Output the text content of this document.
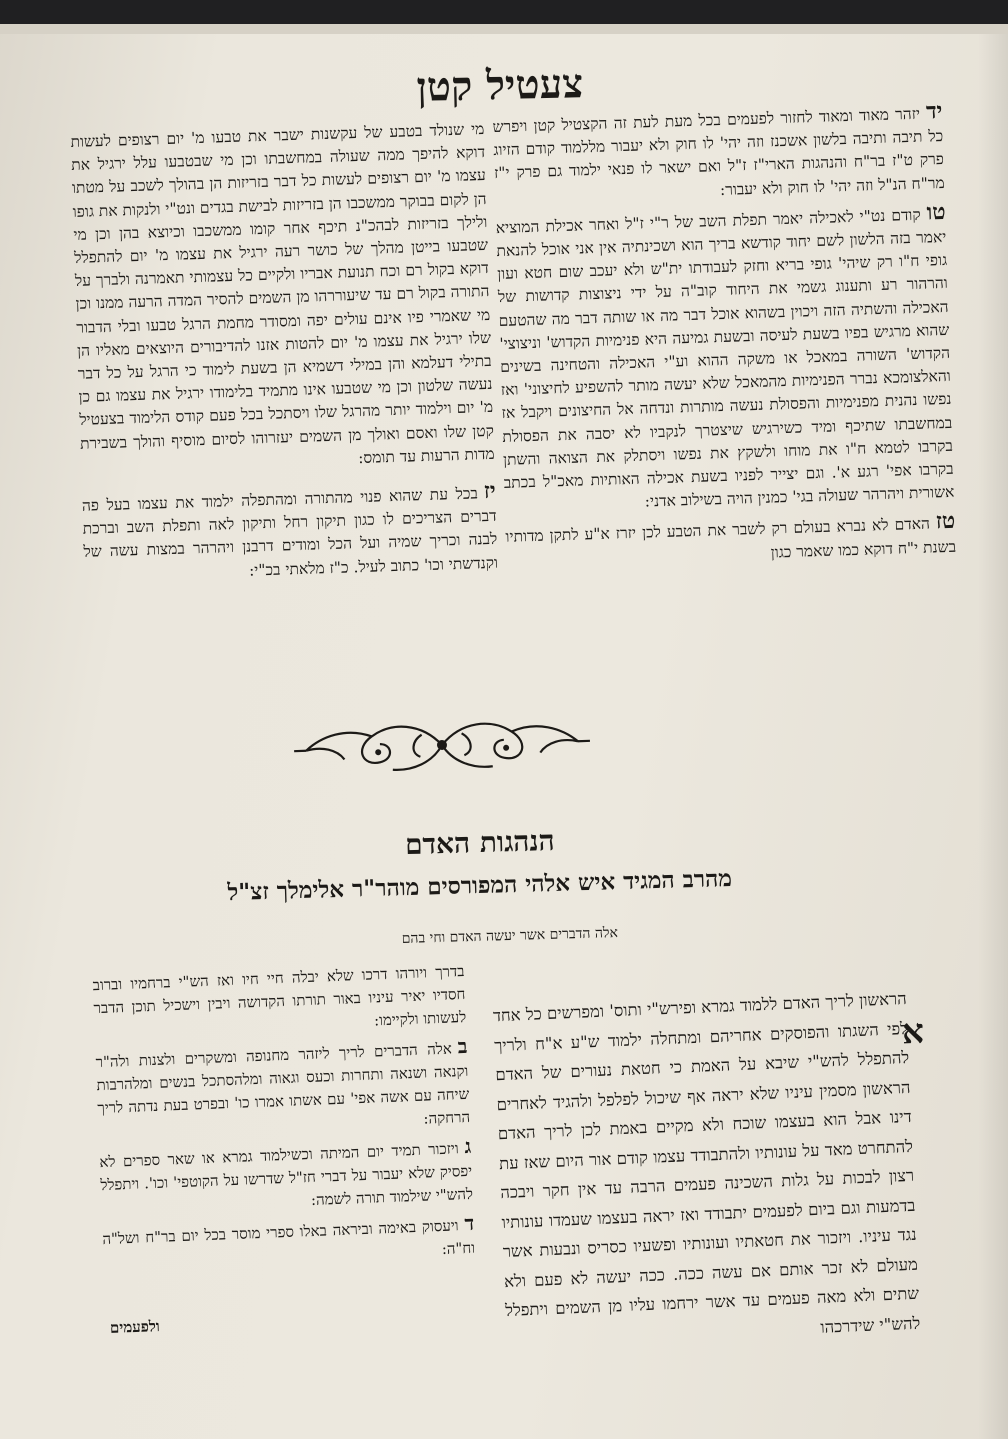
צעטיל קטן

ידיזהר מאוד ומאוד לחזור לפעמים בכל מעת לעת זה הקצטיל קטן ויפרש כל תיבה ותיבה בלשון אשכנז וזה יהי' לו חוק ולא יעבור מללמוד קודם הזיוג פרק ט"ז בר"ח והנהגות הארי"ז ז"ל ואם ישאר לו פנאי ילמוד גם פרק י"ז מר"ח הנ"ל וזה יהי' לו חוק ולא יעבור:

טוקודם נט"י לאכילה יאמר תפלת השב של ר"י ז"ל ואחר אכילת המוציא יאמר בזה הלשון לשם יחוד קודשא בריך הוא ושכינתיה אין אני אוכל להנאת גופי ח"ו רק שיהי' גופי בריא וחזק לעבודתו ית"ש ולא יעכב שום חטא ועון והרהור רע ותענוג גשמי את היחוד קוב"ה על ידי ניצוצות קדושות של האכילה והשתיה הזה ויכוין בשהוא אוכל דבר מה או שותה דבר מה שהטעם שהוא מרגיש בפיו בשעת לעיסה ובשעת גמיעה היא פנימיות הקדוש' וניצוצי' הקדוש' השורה במאכל או משקה ההוא וע"י האכילה והטחינה בשינים והאלצומכא נברר הפנימיות מהמאכל שלא יעשה מותר להשפיע לחיצוני' ואז נפשו נהנית מפנימיות והפסולת נעשה מותרות ונדחה אל החיצונים ויקבל אז במחשבתו שתיכף ומיד כשירגיש שיצטרך לנקביו לא יסבה את הפסולת בקרבו לטמא ח"ו את מוחו ולשקץ את נפשו ויסתלק את הצואה והשתן בקרבו אפי' רגע א'. וגם יצייר לפניו בשעת אכילה האותיות מאכ"ל בכתב אשורית ויהרהר שעולה בגי' כמנין הויה בשילוב אדני:

טזהאדם לא נברא בעולם רק לשבר את הטבע לכן יזרז א"ע לתקן מדותיו בשנת י"ח דוקא כמו שאמר כגון

מי שנולד בטבע של עקשנות ישבר את טבעו מ' יום רצופים לעשות דוקא להיפך ממה שעולה במחשבתו וכן מי שבטבעו עלל ירגיל את עצמו מ' יום רצופים לעשות כל דבר בזריזות הן בהולך לשכב על מטתו הן לקום בבוקר ממשכבו הן בזריזות לבישת בגדים ונט"י ולנקות את גופו ולילך בזריזות לבהכ"נ תיכף אחר קומו ממשכבו וכיוצא בהן וכן מי שטבעו בייטן מהלך של כושר רעה ירגיל את עצמו מ' יום להתפלל דוקא בקול רם וכח תנועת אבריו ולקיים כל עצמותי תאמרנה ולברך על התורה בקול רם עד שיעוררהו מן השמים להסיר המדה הרעה ממנו וכן מי שאמרי פיו אינם עולים יפה ומסודר מחמת הרגל טבעו ובלי הדבור שלו ירגיל את עצמו מ' יום להטות אזנו להדיבורים היוצאים מאליו הן בתילי דעלמא והן במילי דשמיא הן בשעת לימוד כי הרגל על כל דבר נעשה שלטון וכן מי שטבעו אינו מתמיד בלימודו ירגיל את עצמו גם כן מ' יום וילמוד יותר מהרגל שלו ויסתכל בכל פעם קודס הלימוד בצעטיל קטן שלו ואסם ואולך מן השמים יעזרוהו לסיום מוסיף והולך בשבירת מדות הרעות עד תומס:

יזבכל עת שהוא פנוי מהתורה ומהתפלה ילמוד את עצמו בעל פה דברים הצריכים לו כגון תיקון רחל ותיקון לאה ותפלת השב וברכת לבנה וכריך שמיה ועל הכל ומודים דרבנן ויהרהר במצות עשה של וקנדשתי וכו' כתוב לעיל. כ"ז מלאתי בכ"י:

הנהגות האדם
מהרב המגיד איש אלהי המפורסים מוהר"ר אלימלך זצ"ל
אלה הדברים אשר יעשה האדם וחי בהם
א

הראשון לריך האדם ללמוד גמרא ופירש"י ותוס' ומפרשים כל אחד לפי השגתו והפוסקים אחריהם ומתחלה ילמוד ש"ע א"ח ולריך להתפלל להש"י שיבא על האמת כי חטאת נעורים של האדם הראשון מסמין עיניו שלא יראה אף שיכול לפלפל ולהגיד לאחרים דינו אבל הוא בעצמו שוכח ולא מקיים באמת לכן לריך האדם להתחרט מאד על עונותיו ולהתבודד עצמו קודם אור היום שאז עת רצון לבכות על גלות השכינה פעמים הרבה עד אין חקר ויבכה בדמעות וגם ביום לפעמים יתבודד ואז יראה בעצמו שעמדו עונותיו נגד עיניו. ויזכור את חטאתיו ועונותיו ופשעיו כסריס ונבעות אשר מעולם לא זכר אותם אם עשה ככה. ככה יעשה לא פעם ולא שתים ולא מאה פעמים עד אשר ירחמו עליו מן השמים ויתפלל להש"י שידרכהו

בדרך ויורהו דרכו שלא יבלה חיי חיו ואז הש"י ברחמיו וברוב חסדיו יאיר עיניו באור תורתו הקדושה ויבין וישכיל תוכן הדבר לעשותו ולקיימו:

באלה הדברים לריך ליזהר מחנופה ומשקרים ולצנות ולה"ר וקנאה ושנאה ותחרות וכעס וגאוה ומלהסתכל בנשים ומלהרבות שיחה עם אשה אפי' עם אשתו אמרו כו' ובפרט בעת נדתה לריך הרחקה:

גויזכור תמיד יום המיתה וכשילמוד גמרא או שאר ספרים לא יפסיק שלא יעבור על דברי חז"ל שדרשו על הקוטפי' וכו'. ויתפלל להש"י שילמוד תורה לשמה:

דויעסוק באימה וביראה באלו ספרי מוסר בכל יום בר"ח ושל"ה וח"ה:

ולפעמים
